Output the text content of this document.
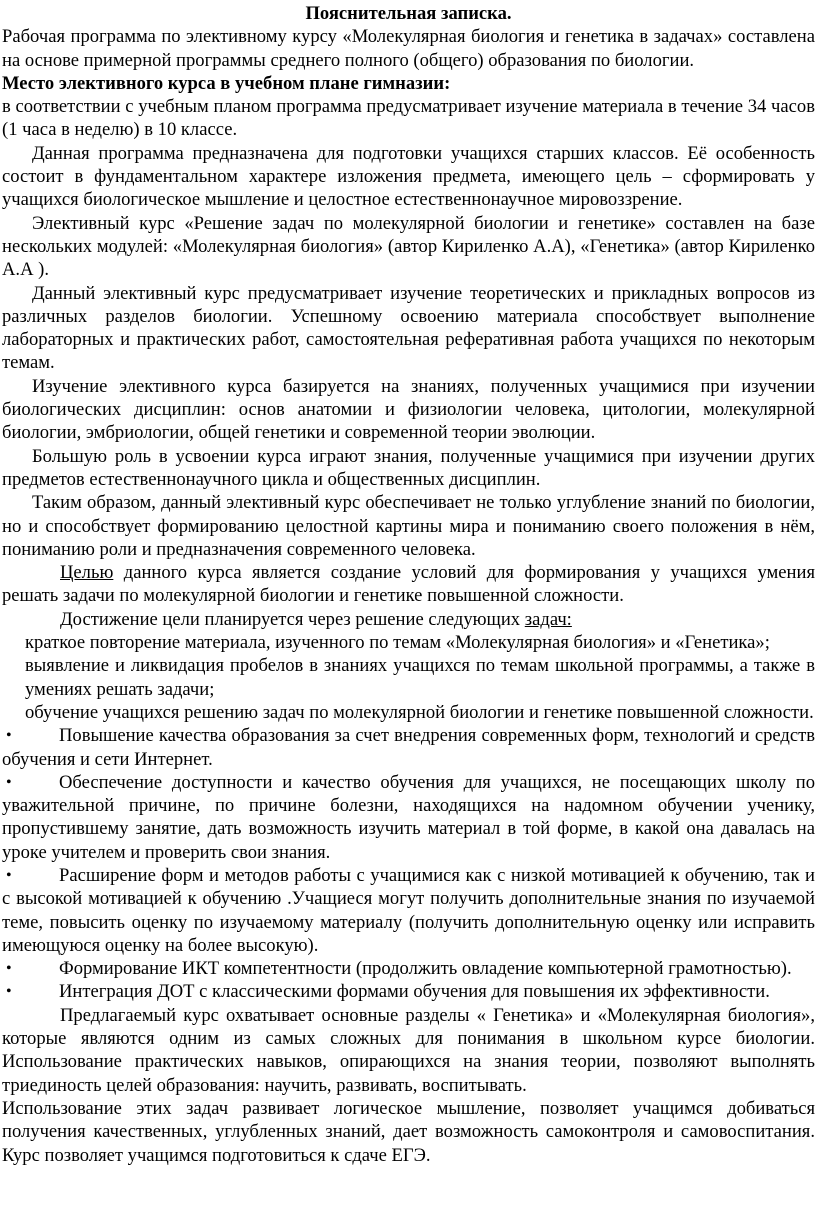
Пояснительная записка.

Рабочая программа по элективному курсу «Молекулярная биология и генетика в задачах» составлена на основе примерной программы среднего полного (общего) образования по биологии.

Место элективного курса в учебном плане гимназии:

в соответствии с учебным планом программа предусматривает изучение материала в течение 34 часов (1 часа в неделю) в 10 классе.

Данная программа предназначена для подготовки учащихся старших классов. Её особенность состоит в фундаментальном характере изложения предмета, имеющего цель – сформировать у учащихся биологическое мышление и целостное естественнонаучное мировоззрение.

Элективный курс «Решение задач по молекулярной биологии и генетике» составлен на базе нескольких модулей: «Молекулярная биология» (автор Кириленко А.А), «Генетика» (автор Кириленко А.А ).

Данный элективный курс предусматривает изучение теоретических и прикладных вопросов из различных разделов биологии. Успешному освоению материала способствует выполнение лабораторных и практических работ, самостоятельная реферативная работа учащихся по некоторым темам.

Изучение элективного курса базируется на знаниях, полученных учащимися при изучении биологических дисциплин: основ анатомии и физиологии человека, цитологии, молекулярной биологии, эмбриологии, общей генетики и современной теории эволюции.

Большую роль в усвоении курса играют знания, полученные учащимися при изучении других предметов естественнонаучного цикла и общественных дисциплин.

Таким образом, данный элективный курс обеспечивает не только углубление знаний по биологии, но и способствует формированию целостной картины мира и пониманию своего положения в нём, пониманию роли и предназначения современного человека.

Целью данного курса является создание условий для формирования у учащихся умения решать задачи по молекулярной биологии и генетике повышенной сложности.

Достижение цели планируется через решение следующих задач:

краткое повторение материала, изученного по темам «Молекулярная биология» и «Генетика»;

выявление и ликвидация пробелов в знаниях учащихся по темам школьной программы, а также в умениях решать задачи;

обучение учащихся решению задач по молекулярной биологии и генетике повышенной сложности.

•	Повышение качества образования за счет внедрения современных форм, технологий и средств обучения и сети Интернет.

•	Обеспечение доступности и качество обучения для учащихся, не посещающих школу по уважительной причине, по причине болезни, находящихся на надомном обучении ученику, пропустившему занятие, дать возможность изучить материал в той форме, в какой она давалась на уроке учителем и проверить свои знания.

•	Расширение форм и методов работы с учащимися как с низкой мотивацией к обучению, так и с высокой мотивацией к обучению .Учащиеся могут получить дополнительные знания по изучаемой теме, повысить оценку по изучаемому материалу (получить дополнительную оценку или исправить имеющуюся оценку на более высокую).

•	Формирование ИКТ компетентности (продолжить овладение компьютерной грамотностью).

•	Интеграция ДОТ с классическими формами обучения для повышения их эффективности.

Предлагаемый курс охватывает основные разделы « Генетика» и «Молекулярная биология», которые являются одним из самых сложных для понимания в школьном курсе биологии. Использование практических навыков, опирающихся на знания теории, позволяют выполнять триединость целей образования: научить, развивать, воспитывать.

Использование этих задач развивает логическое мышление, позволяет учащимся добиваться получения качественных, углубленных знаний, дает возможность самоконтроля и самовоспитания. Курс позволяет учащимся подготовиться к сдаче ЕГЭ.
